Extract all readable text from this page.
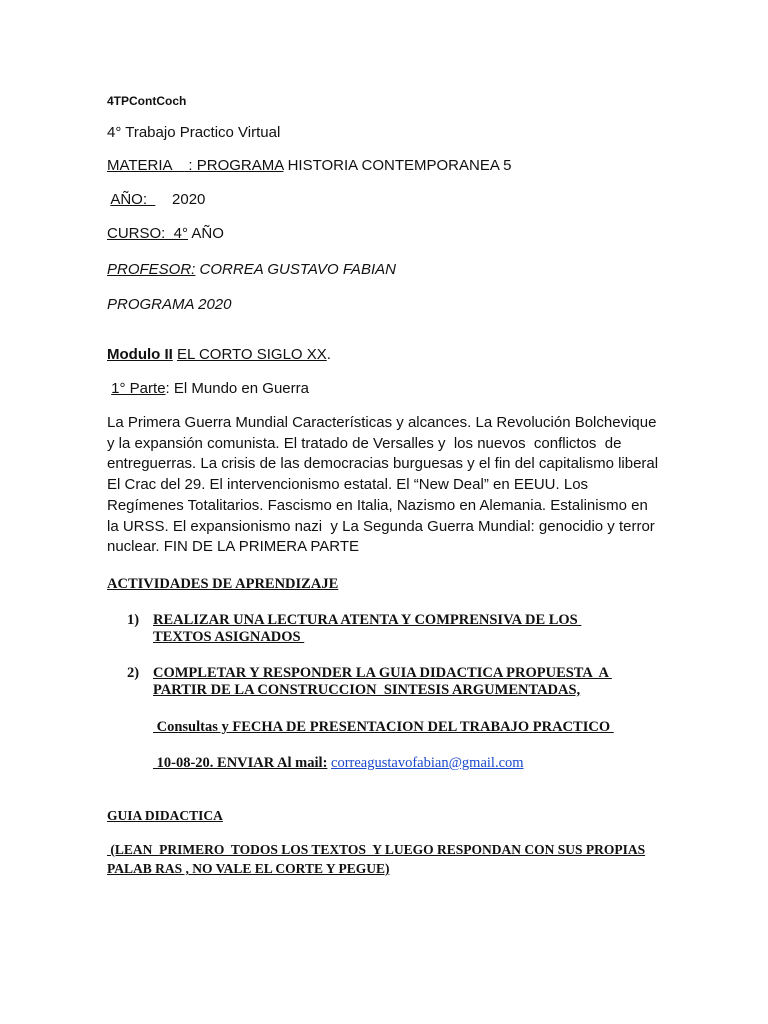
4TPContCoch
4° Trabajo Practico Virtual
MATERIA    : PROGRAMA HISTORIA CONTEMPORANEA 5
AÑO:      2020
CURSO:  4° AÑO
PROFESOR: CORREA GUSTAVO FABIAN
PROGRAMA 2020
Modulo II EL CORTO SIGLO XX.
1° Parte: El Mundo en Guerra
La Primera Guerra Mundial Características y alcances. La Revolución Bolchevique
y la expansión comunista. El tratado de Versalles y  los nuevos  conflictos  de
entreguerras. La crisis de las democracias burguesas y el fin del capitalismo liberal
El Crac del 29. El intervencionismo estatal. El “New Deal” en EEUU. Los
Regímenes Totalitarios. Fascismo en Italia, Nazismo en Alemania. Estalinismo en
la URSS. El expansionismo nazi  y La Segunda Guerra Mundial: genocidio y terror
nuclear. FIN DE LA PRIMERA PARTE
ACTIVIDADES DE APRENDIZAJE
1) REALIZAR UNA LECTURA ATENTA Y COMPRENSIVA DE LOS
TEXTOS ASIGNADOS
2) COMPLETAR Y RESPONDER LA GUIA DIDACTICA PROPUESTA  A
PARTIR DE LA CONSTRUCCION  SINTESIS ARGUMENTADAS,
Consultas y FECHA DE PRESENTACION DEL TRABAJO PRACTICO
10-08-20. ENVIAR Al mail: correagustavofabian@gmail.com
GUIA DIDACTICA
(LEAN  PRIMERO  TODOS LOS TEXTOS  Y LUEGO RESPONDAN CON SUS PROPIAS
PALAB RAS , NO VALE EL CORTE Y PEGUE)
